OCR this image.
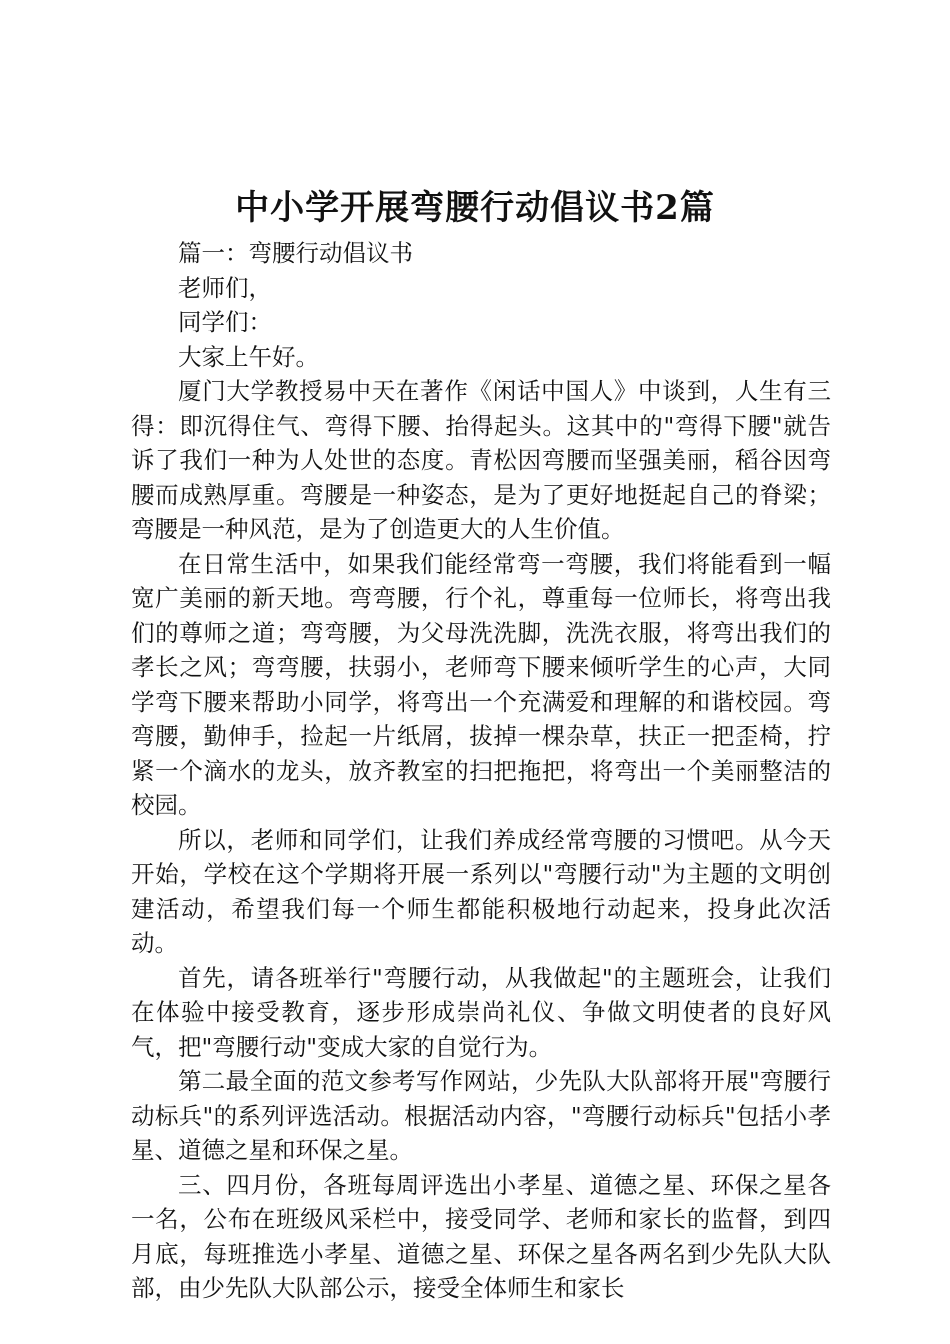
中小学开展弯腰行动倡议书2篇

篇一：弯腰行动倡议书

老师们，

同学们：

大家上午好。

厦门大学教授易中天在著作《闲话中国人》中谈到，人生有三得：即沉得住气、弯得下腰、抬得起头。这其中的"弯得下腰"就告诉了我们一种为人处世的态度。青松因弯腰而坚强美丽，稻谷因弯腰而成熟厚重。弯腰是一种姿态，是为了更好地挺起自己的脊梁；弯腰是一种风范，是为了创造更大的人生价值。

在日常生活中，如果我们能经常弯一弯腰，我们将能看到一幅宽广美丽的新天地。弯弯腰，行个礼，尊重每一位师长，将弯出我们的尊师之道；弯弯腰，为父母洗洗脚，洗洗衣服，将弯出我们的孝长之风；弯弯腰，扶弱小，老师弯下腰来倾听学生的心声，大同学弯下腰来帮助小同学，将弯出一个充满爱和理解的和谐校园。弯弯腰，勤伸手，捡起一片纸屑，拔掉一棵杂草，扶正一把歪椅，拧紧一个滴水的龙头，放齐教室的扫把拖把，将弯出一个美丽整洁的校园。

所以，老师和同学们，让我们养成经常弯腰的习惯吧。从今天开始，学校在这个学期将开展一系列以"弯腰行动"为主题的文明创建活动，希望我们每一个师生都能积极地行动起来，投身此次活动。

首先，请各班举行"弯腰行动，从我做起"的主题班会，让我们在体验中接受教育，逐步形成崇尚礼仪、争做文明使者的良好风气，把"弯腰行动"变成大家的自觉行为。

第二最全面的范文参考写作网站，少先队大队部将开展"弯腰行动标兵"的系列评选活动。根据活动内容，"弯腰行动标兵"包括小孝星、道德之星和环保之星。

三、四月份，各班每周评选出小孝星、道德之星、环保之星各一名，公布在班级风采栏中，接受同学、老师和家长的监督，到四月底，每班推选小孝星、道德之星、环保之星各两名到少先队大队部，由少先队大队部公示，接受全体师生和家长
